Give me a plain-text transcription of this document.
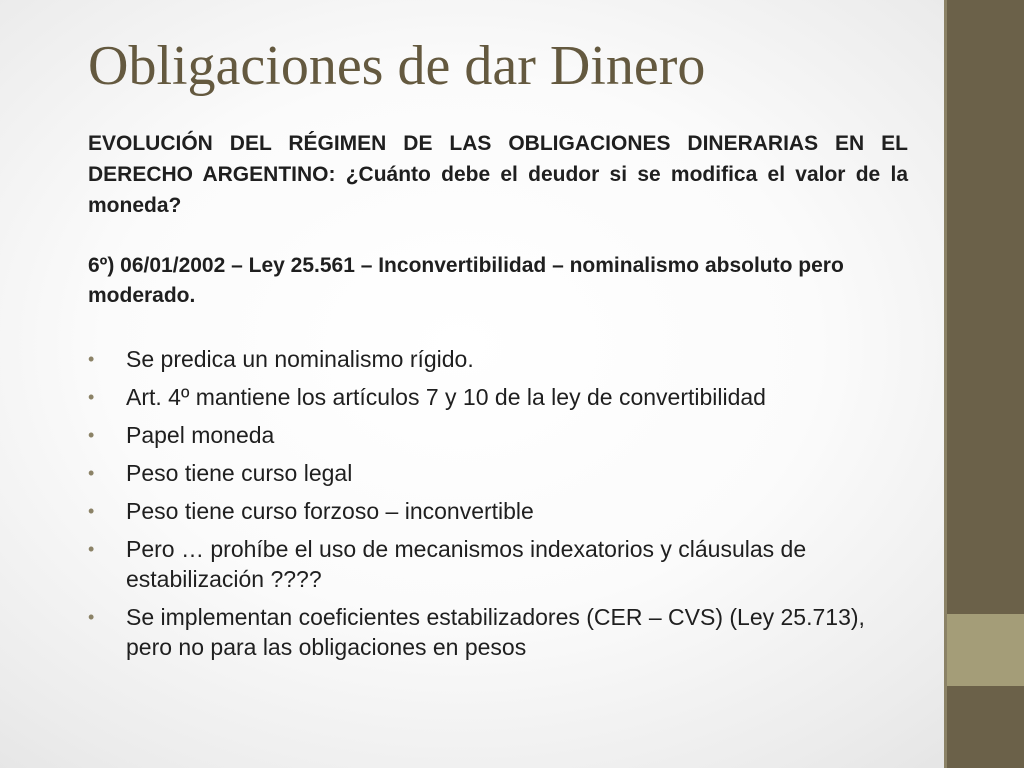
Obligaciones de dar Dinero

EVOLUCIÓN DEL RÉGIMEN DE LAS OBLIGACIONES DINERARIAS EN EL DERECHO ARGENTINO: ¿Cuánto debe el deudor si se modifica el valor de la moneda?

6º) 06/01/2002 – Ley 25.561 – Inconvertibilidad – nominalismo absoluto pero moderado.

• Se predica un nominalismo rígido.
• Art. 4º mantiene los artículos 7 y 10 de la ley de convertibilidad
• Papel moneda
• Peso tiene curso legal
• Peso tiene curso forzoso – inconvertible
• Pero … prohíbe el uso de mecanismos indexatorios y cláusulas de estabilización ????
• Se implementan coeficientes estabilizadores (CER – CVS) (Ley 25.713), pero no para las obligaciones en pesos
